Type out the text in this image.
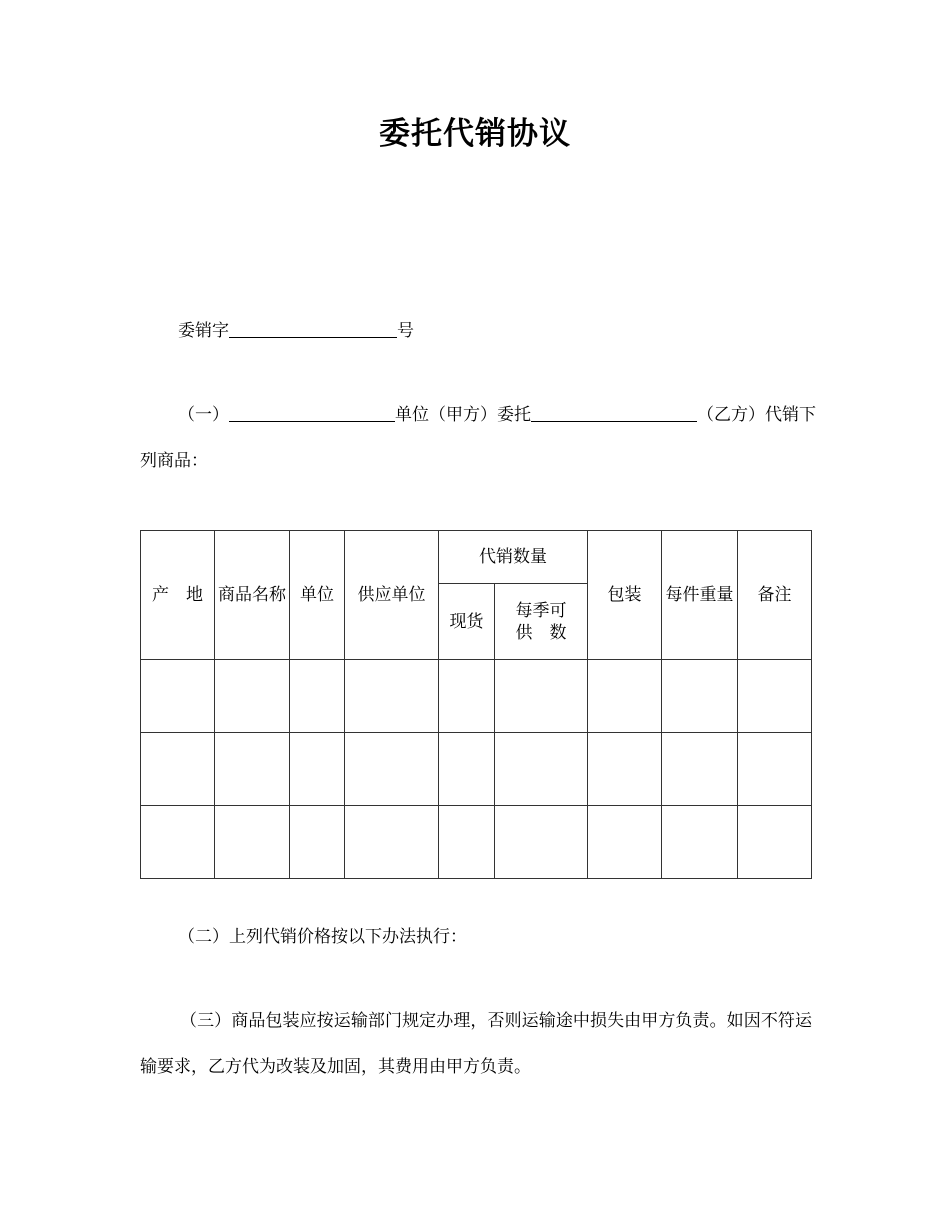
委托代销协议
委销字	号
（一）	单位（甲方）委托	（乙方）代销下
列商品：
产　地	商品名称	单位	供应单位	代销数量		包装	每件重量	备注
				现货	每季可
供　数			

（二）上列代销价格按以下办法执行：
（三）商品包装应按运输部门规定办理，否则运输途中损失由甲方负责。如因不符运输要求，乙方代为改装及加固，其费用由甲方负责。
